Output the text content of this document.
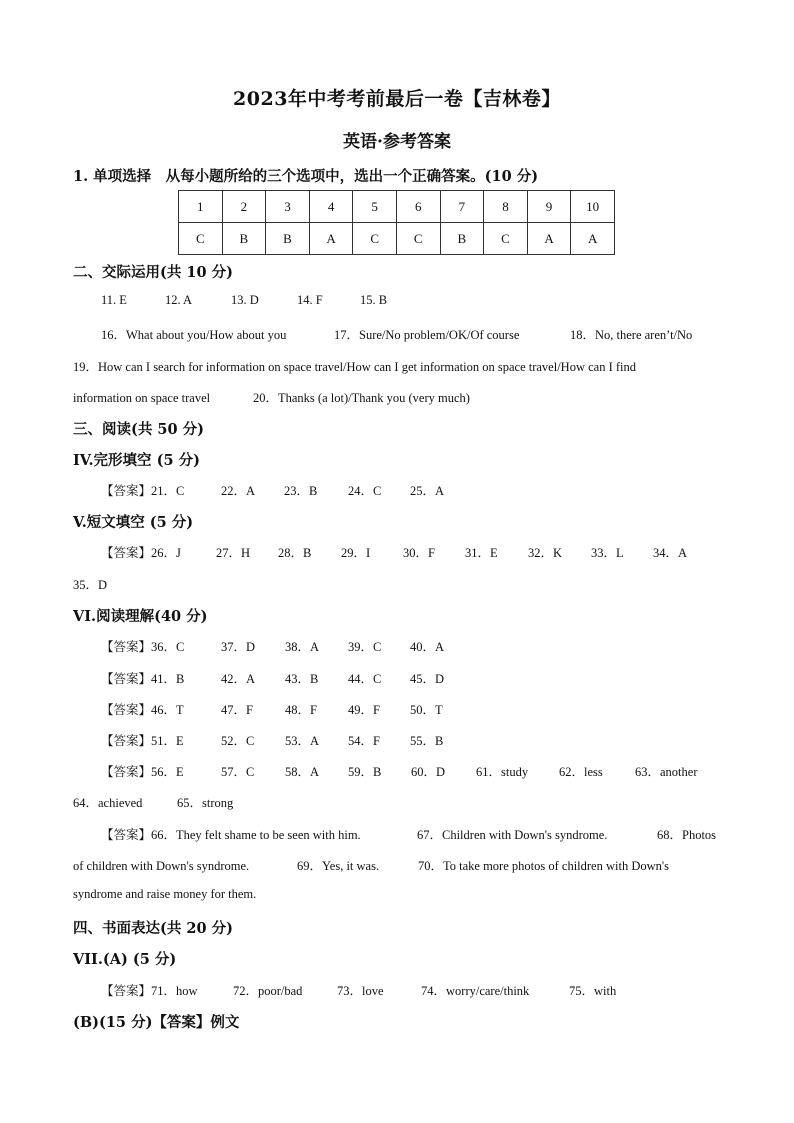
2023年中考考前最后一卷【吉林卷】
英语·参考答案
1. 单项选择　从每小题所给的三个选项中，选出一个正确答案。(10 分)
1	2	3	4	5	6	7	8	9	10
C	B	B	A	C	C	B	C	A	A
二、交际运用(共 10 分)
11. E	12. A	13. D	14. F	15. B
16．What about you/How about you	17．Sure/No problem/OK/Of course	18．No, there aren’t/No
19．How can I search for information on space travel/How can I get information on space travel/How can I find
information on space travel	20．Thanks (a lot)/Thank you (very much)
三、阅读(共 50 分)
IV.完形填空 (5 分)
【答案】21．C	22．A 23．B 24．C 25．A
V.短文填空 (5 分)
【答案】26．J	27．H 28．B 29．I	30．F 31．E 32．K 33．L 34．A
35．D
VI.阅读理解(40 分)
【答案】36．C	37．D 38．A 39．C 40．A
【答案】41．B	42．A 43．B 44．C 45．D
【答案】46．T	47．F	48．F 49．F 50．T
【答案】51．E	52．C 53．A 54．F 55．B
【答案】56．E	57．C 58．A 59．B 60．D 61．study 62．less	63．another
64．achieved	65．strong
【答案】66．They felt shame to be seen with him.	67．Children with Down's syndrome.	68．Photos
of children with Down's syndrome.	69．Yes, it was.	70．To take more photos of children with Down's
syndrome and raise money for them.
四、书面表达(共 20 分)
VII.(A) (5 分)
【答案】71．how	72．poor/bad	73．love	74．worry/care/think	75．with
(B)(15 分)【答案】例文
